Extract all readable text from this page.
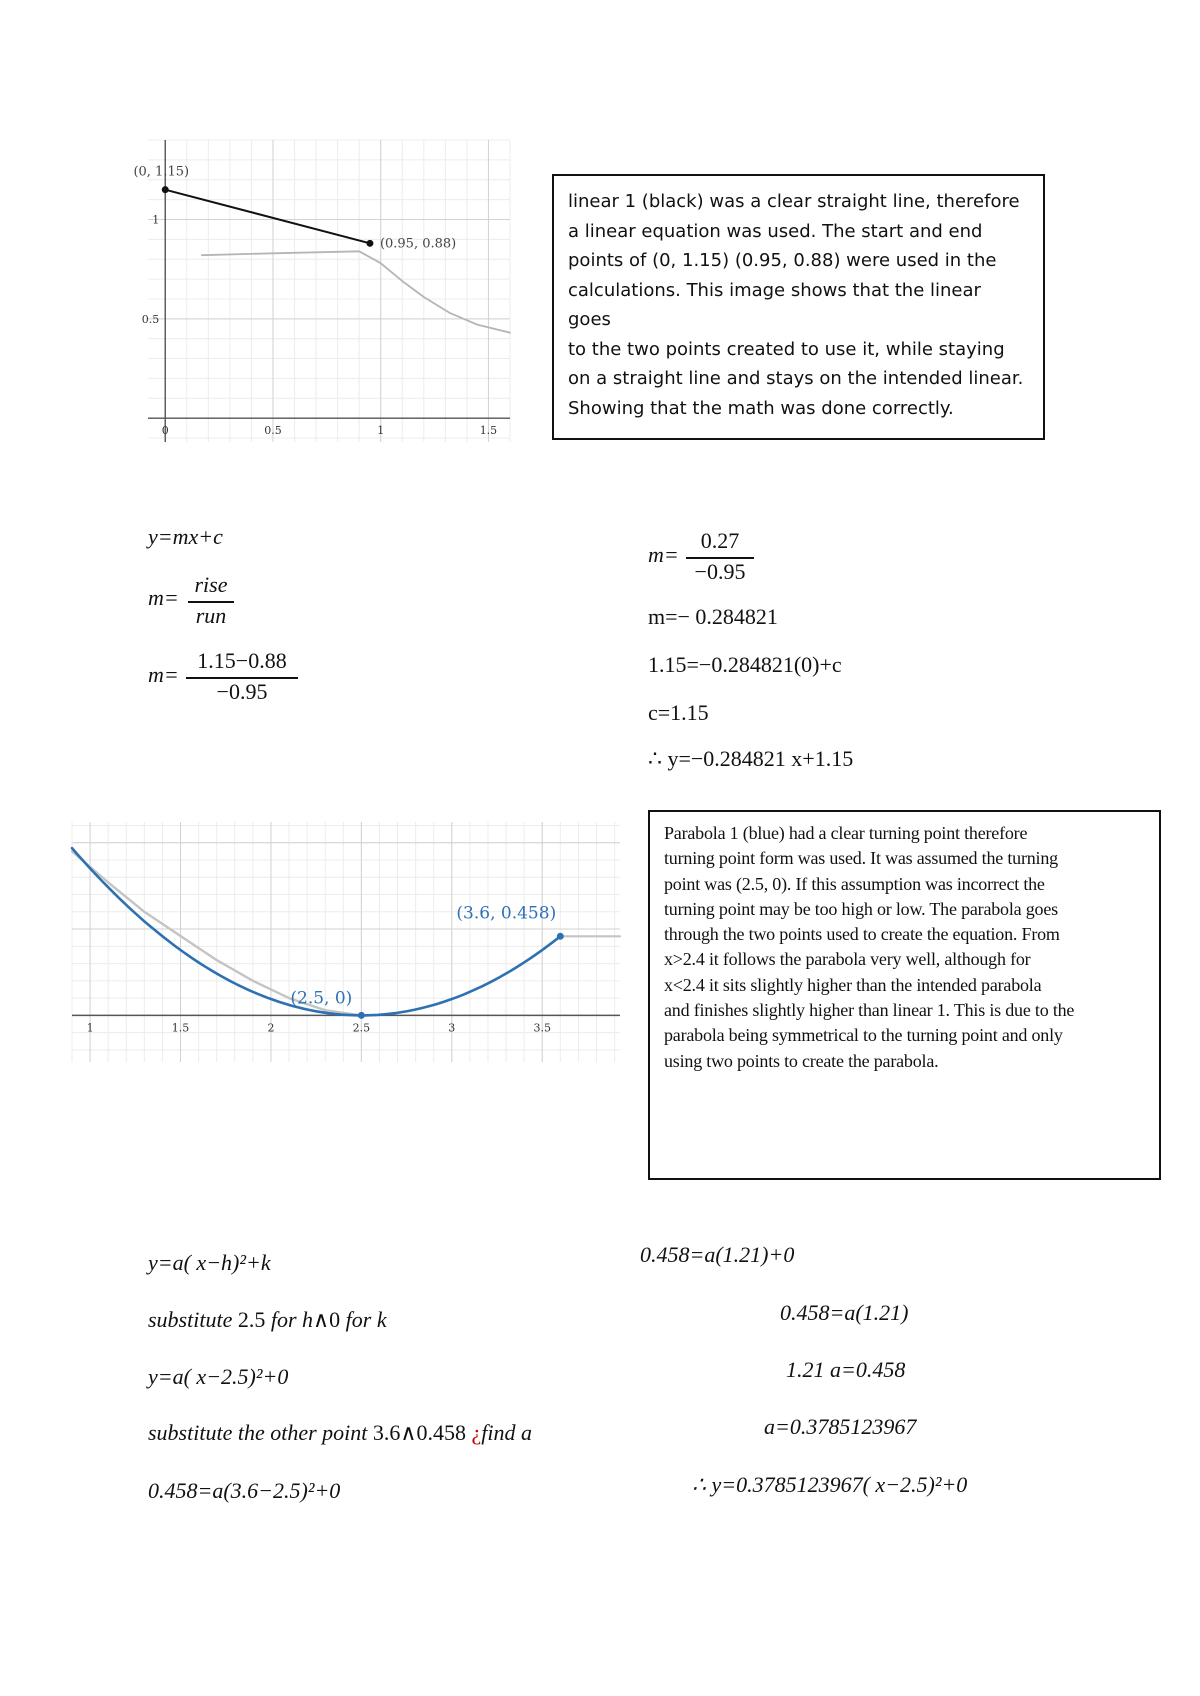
0	0.5	1	1.5
1
0.5
(0, 1.15)
(0.95, 0.88)

linear 1 (black) was a clear straight line, therefore

a linear equation was used. The start and end

points of (0, 1.15) (0.95, 0.88) were used in the

calculations. This image shows that the linear goes

to the two points created to use it, while staying

on a straight line and stays on the intended linear.

Showing that the math was done correctly.

y=mx+c
m=
rise
run
m=
1.15−0.88
−0.95
m=
0.27
−0.95
m=− 0.284821
1.15=−0.284821(0)+c
c=1.15
∴ y=−0.284821 x+1.15
1	1.5	2	2.5	3	3.5
(3.6, 0.458)
(2.5, 0)

Parabola 1 (blue) had a clear turning point therefore

turning point form was used. It was assumed the turning

point was (2.5, 0). If this assumption was incorrect the

turning point may be too high or low. The parabola goes

through the two points used to create the equation. From

x>2.4 it follows the parabola very well, although for

x<2.4 it sits slightly higher than the intended parabola

and finishes slightly higher than linear 1. This is due to the

parabola being symmetrical to the turning point and only

using two points to create the parabola.

y=a( x−h)²+k
substitute 2.5 for h∧0 for k
y=a( x−2.5)²+0
substitute the other point 3.6∧0.458 ¿find a
0.458=a(3.6−2.5)²+0
0.458=a(1.21)+0
0.458=a(1.21)
1.21 a=0.458
a=0.3785123967
∴ y=0.3785123967( x−2.5)²+0
